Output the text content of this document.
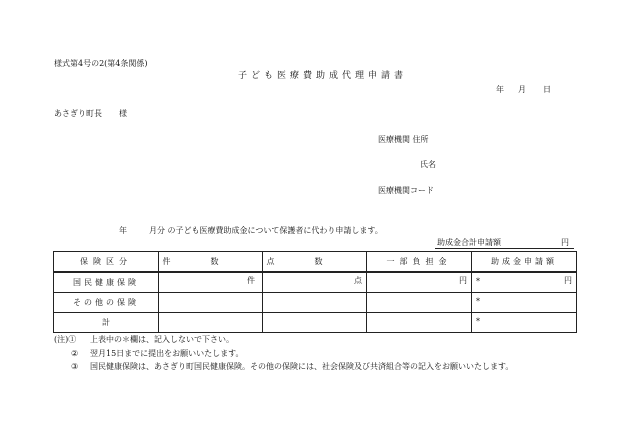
様式第4号の2(第4条関係)
子ども医療費助成代理申請書
年 月 日
あさぎり町長 様
医療機関 住所
氏名
医療機関コード
年	月分 の子ども医療費助成金について保護者に代わり申請します。
助成金合計申請額	円
保険区分	件数	点数	一部負担金	助成金申請額
国民健康保険	件	点	円	* 円

その他の保険				*

計				*
(注)① 上表中の＊欄は、記入しないで下さい。
② 翌月15日までに提出をお願いいたします。
③ 国民健康保険は、あさぎり町国民健康保険。その他の保険には、社会保険及び共済組合等の記入をお願いいたします。
